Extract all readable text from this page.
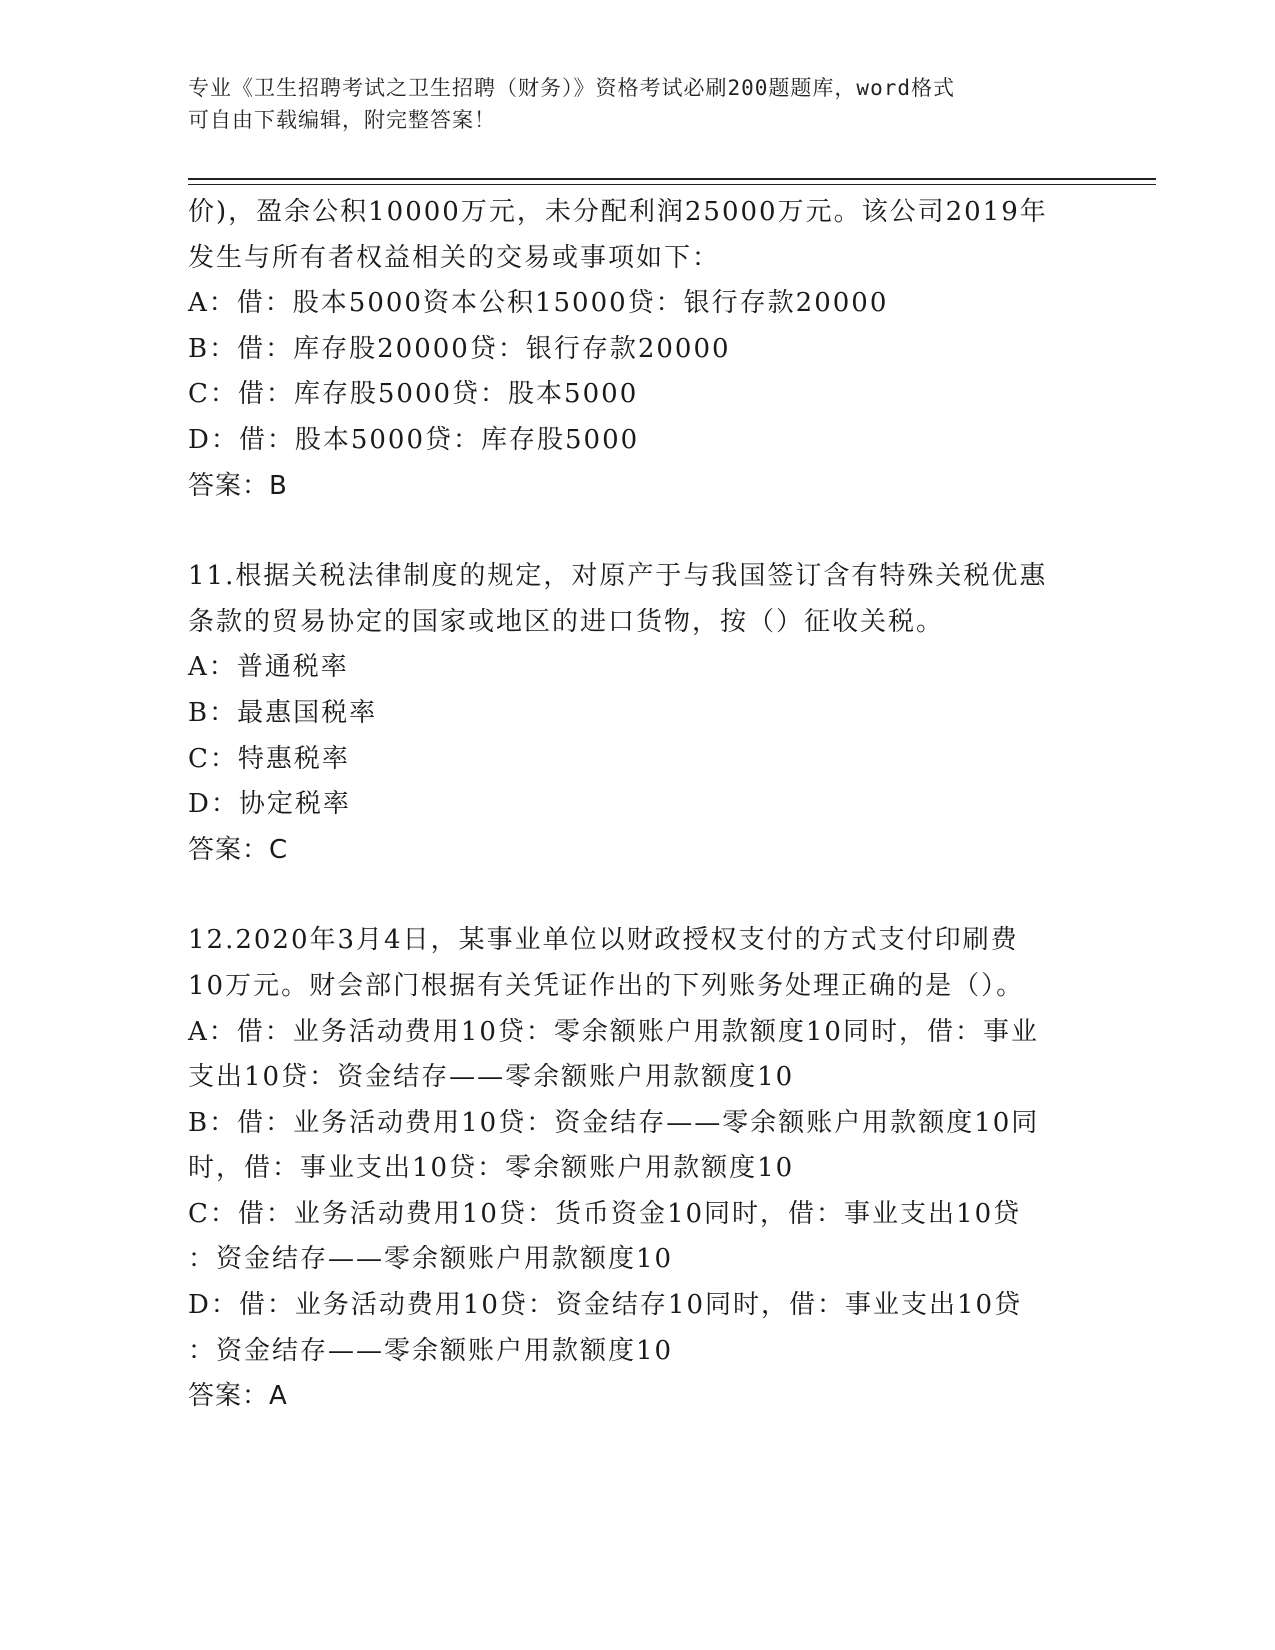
专业《卫生招聘考试之卫生招聘（财务）》资格考试必刷200题题库，word格式
可自由下载编辑，附完整答案！
价)，盈余公积10000万元，未分配利润25000万元。该公司2019年
发生与所有者权益相关的交易或事项如下：
A：借：股本5000资本公积15000贷：银行存款20000
B：借：库存股20000贷：银行存款20000
C：借：库存股5000贷：股本5000
D：借：股本5000贷：库存股5000
答案：B
11.根据关税法律制度的规定，对原产于与我国签订含有特殊关税优惠
条款的贸易协定的国家或地区的进口货物，按（）征收关税。
A：普通税率
B：最惠国税率
C：特惠税率
D：协定税率
答案：C
12.2020年3月4日，某事业单位以财政授权支付的方式支付印刷费
10万元。财会部门根据有关凭证作出的下列账务处理正确的是（）。
A：借：业务活动费用10贷：零余额账户用款额度10同时，借：事业
支出10贷：资金结存——零余额账户用款额度10
B：借：业务活动费用10贷：资金结存——零余额账户用款额度10同
时，借：事业支出10贷：零余额账户用款额度10
C：借：业务活动费用10贷：货币资金10同时，借：事业支出10贷
：资金结存——零余额账户用款额度10
D：借：业务活动费用10贷：资金结存10同时，借：事业支出10贷
：资金结存——零余额账户用款额度10
答案：A
